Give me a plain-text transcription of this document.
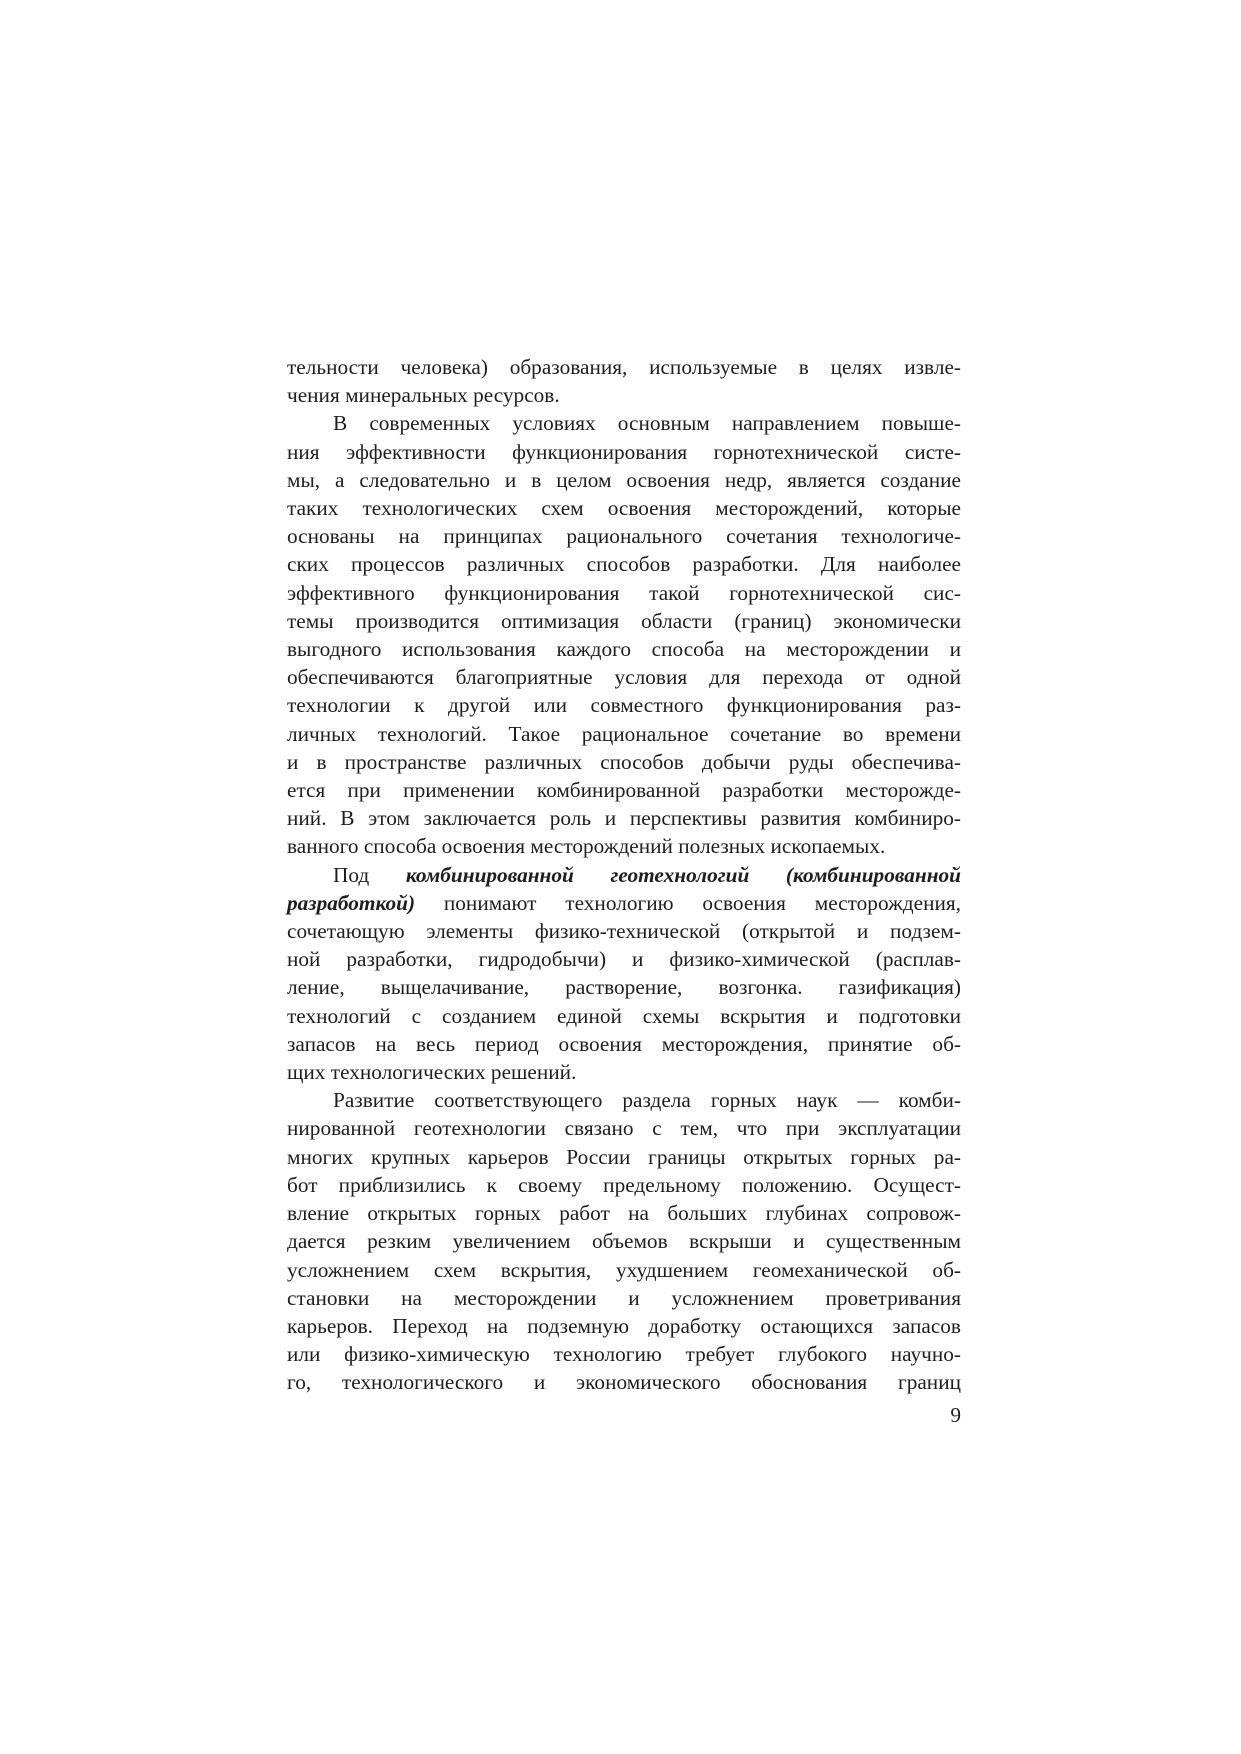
тельности человека) образования, используемые в целях извле-
чения минеральных ресурсов.

В современных условиях основным направлением повыше-
ния эффективности функционирования горнотехнической систе-
мы, а следовательно и в целом освоения недр, является создание
таких технологических схем освоения месторождений, которые
основаны на принципах рационального сочетания технологиче-
ских процессов различных способов разработки. Для наиболее
эффективного функционирования такой горнотехнической сис-
темы производится оптимизация области (границ) экономически
выгодного использования каждого способа на месторождении и
обеспечиваются благоприятные условия для перехода от одной
технологии к другой или совместного функционирования раз-
личных технологий. Такое рациональное сочетание во времени
и в пространстве различных способов добычи руды обеспечива-
ется при применении комбинированной разработки месторожде-
ний. В этом заключается роль и перспективы развития комбиниро-
ванного способа освоения месторождений полезных ископаемых.

Под комбинированной геотехнологий (комбинированной
разработкой) понимают технологию освоения месторождения,
сочетающую элементы физико-технической (открытой и подзем-
ной разработки, гидродобычи) и физико-химической (расплав-
ление, выщелачивание, растворение, возгонка. газификация)
технологий с созданием единой схемы вскрытия и подготовки
запасов на весь период освоения месторождения, принятие об-
щих технологических решений.

Развитие соответствующего раздела горных наук — комби-
нированной геотехнологии связано с тем, что при эксплуатации
многих крупных карьеров России границы открытых горных ра-
бот приблизились к своему предельному положению. Осущест-
вление открытых горных работ на больших глубинах сопровож-
дается резким увеличением объемов вскрыши и существенным
усложнением схем вскрытия, ухудшением геомеханической об-
становки на месторождении и усложнением проветривания
карьеров. Переход на подземную доработку остающихся запасов
или физико-химическую технологию требует глубокого научно-
го, технологического и экономического обоснования границ

9
